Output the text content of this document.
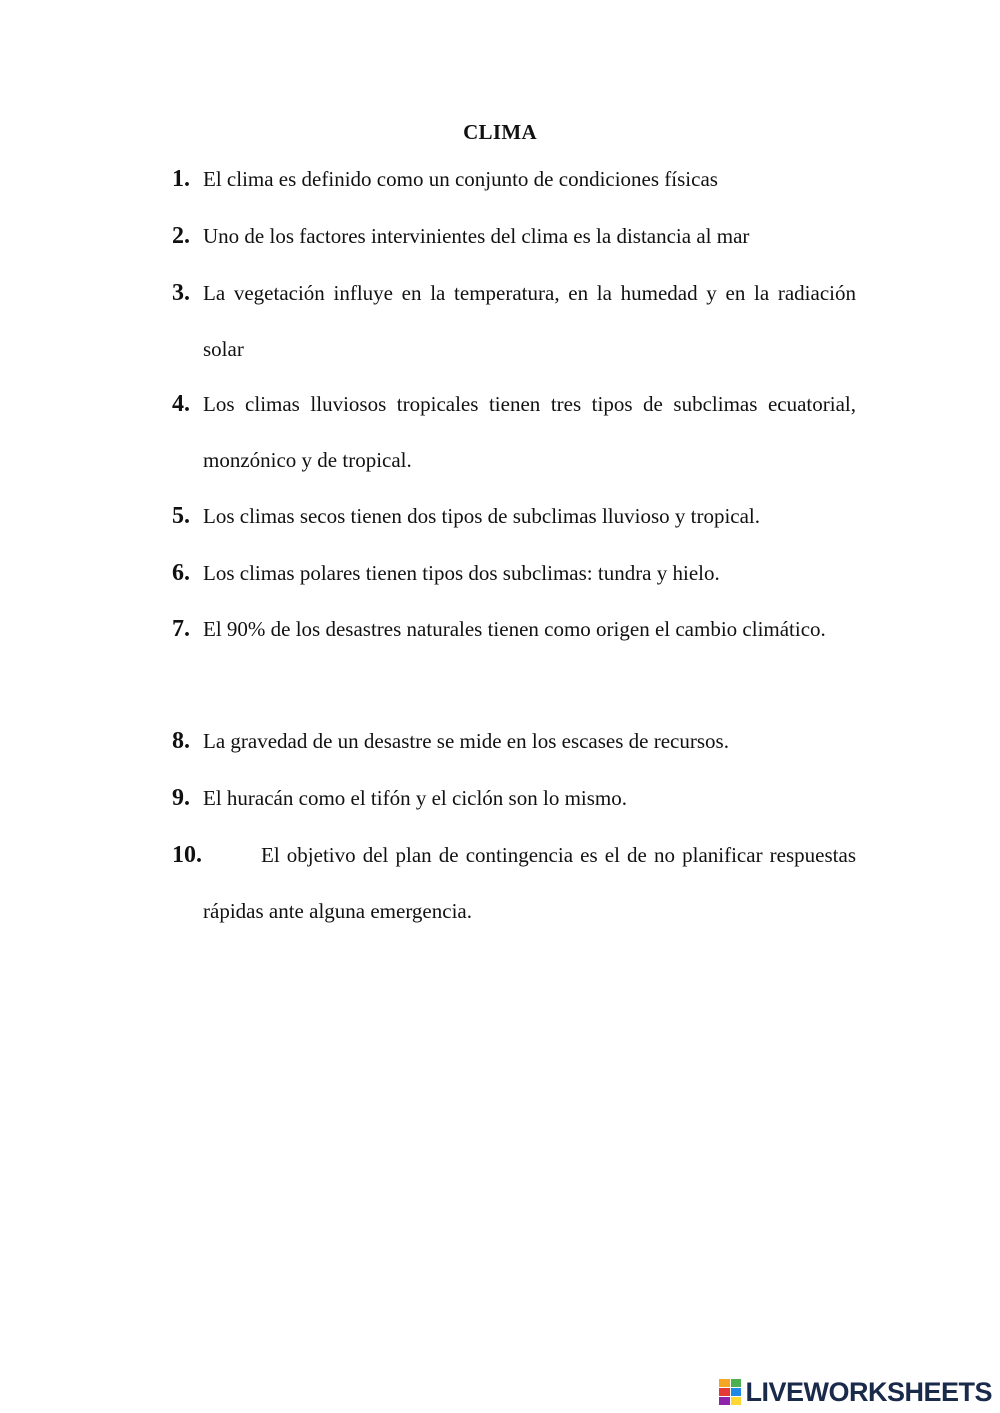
CLIMA
1. El clima es definido como un conjunto de condiciones físicas
2. Uno de los factores intervinientes del clima es la distancia al mar
3. La vegetación influye en la temperatura, en la humedad y en la radiación solar
4. Los climas lluviosos tropicales tienen tres tipos de subclimas ecuatorial, monzónico y de tropical.
5. Los climas secos tienen dos tipos de subclimas lluvioso y tropical.
6. Los climas polares tienen tipos dos subclimas: tundra y hielo.
7. El 90% de los desastres naturales tienen como origen el cambio climático.
8. La gravedad de un desastre se mide en los escases de recursos.
9. El huracán como el tifón y el ciclón son lo mismo.
10.	El objetivo del plan de contingencia es el de no planificar respuestas rápidas ante alguna emergencia.
LIVEWORKSHEETS
